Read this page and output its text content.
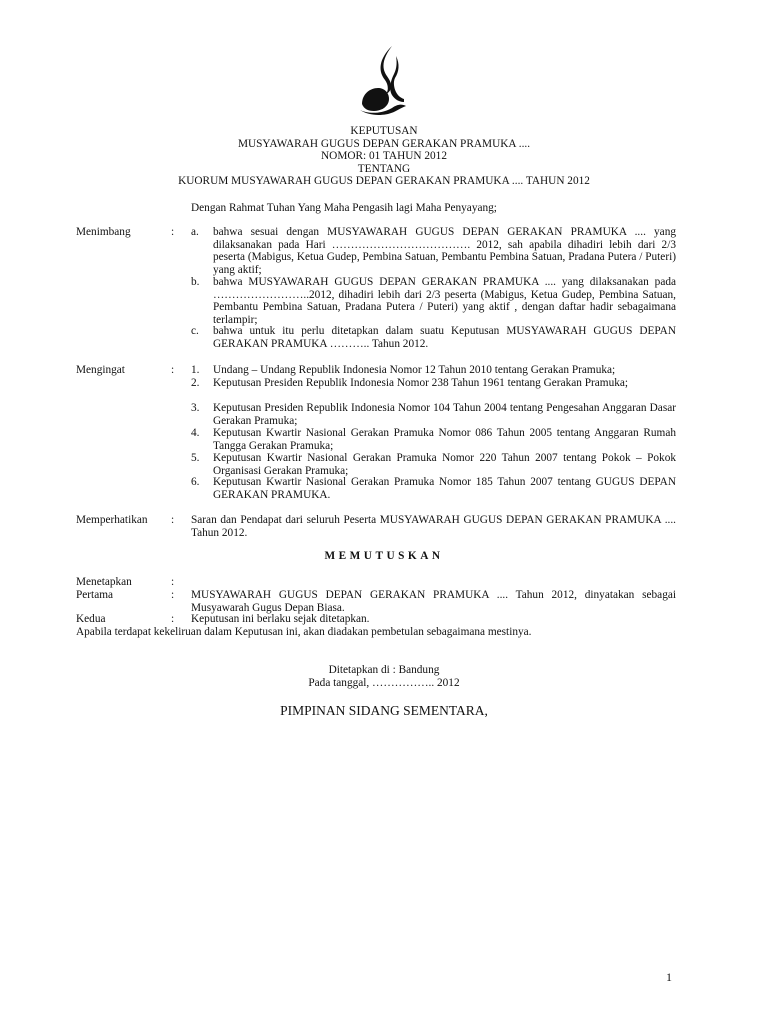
KEPUTUSAN
MUSYAWARAH GUGUS DEPAN GERAKAN PRAMUKA ....
NOMOR: 01 TAHUN 2012
TENTANG
KUORUM MUSYAWARAH GUGUS DEPAN GERAKAN PRAMUKA .... TAHUN 2012
Dengan Rahmat Tuhan Yang Maha Pengasih lagi Maha Penyayang;
Menimbang	: a. bahwa sesuai dengan MUSYAWARAH GUGUS DEPAN GERAKAN PRAMUKA .... yang dilaksanakan pada Hari ………………………………. 2012, sah apabila dihadiri lebih dari 2/3 peserta (Mabigus, Ketua Gudep, Pembina Satuan, Pembantu Pembina Satuan, Pradana Putera / Puteri) yang aktif;
b. bahwa MUSYAWARAH GUGUS DEPAN GERAKAN PRAMUKA .... yang dilaksanakan pada ……………………..2012, dihadiri lebih dari 2/3 peserta (Mabigus, Ketua Gudep, Pembina Satuan, Pembantu Pembina Satuan, Pradana Putera / Puteri) yang aktif , dengan daftar hadir sebagaimana terlampir;
c. bahwa untuk itu perlu ditetapkan dalam suatu Keputusan MUSYAWARAH GUGUS DEPAN GERAKAN PRAMUKA ……….. Tahun 2012.
Mengingat	: 1. Undang – Undang Republik Indonesia Nomor 12 Tahun 2010 tentang Gerakan Pramuka;
2. Keputusan Presiden Republik Indonesia Nomor 238 Tahun 1961 tentang Gerakan Pramuka;
3. Keputusan Presiden Republik Indonesia Nomor 104 Tahun 2004 tentang Pengesahan Anggaran Dasar Gerakan Pramuka;
4. Keputusan Kwartir Nasional Gerakan Pramuka Nomor 086 Tahun 2005 tentang Anggaran Rumah Tangga Gerakan Pramuka;
5. Keputusan Kwartir Nasional Gerakan Pramuka Nomor 220 Tahun 2007 tentang Pokok – Pokok Organisasi Gerakan Pramuka;
6. Keputusan Kwartir Nasional Gerakan Pramuka Nomor 185 Tahun 2007 tentang GUGUS DEPAN GERAKAN PRAMUKA.
Memperhatikan : Saran dan Pendapat dari seluruh Peserta MUSYAWARAH GUGUS DEPAN GERAKAN PRAMUKA .... Tahun 2012.
MEMUTUSKAN
Menetapkan	:
Pertama	: MUSYAWARAH GUGUS DEPAN GERAKAN PRAMUKA .... Tahun 2012, dinyatakan sebagai Musyawarah Gugus Depan Biasa.
Kedua	: Keputusan ini berlaku sejak ditetapkan.
Apabila terdapat kekeliruan dalam Keputusan ini, akan diadakan pembetulan sebagaimana mestinya.
Ditetapkan di : Bandung
Pada tanggal, …………….. 2012
PIMPINAN SIDANG SEMENTARA,
1
